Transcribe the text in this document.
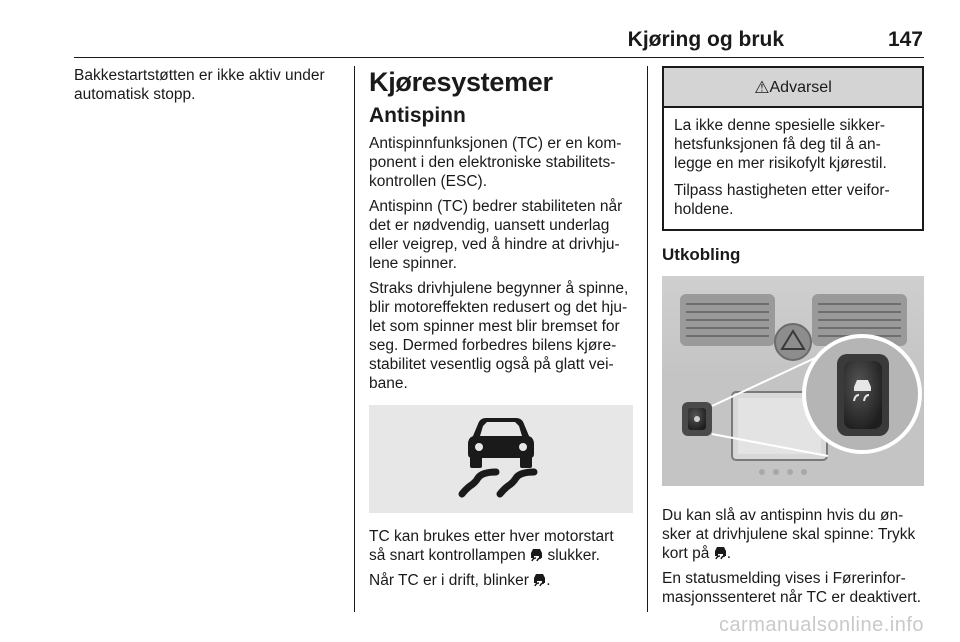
Kjøring og bruk	147

Bakkestartstøtten er ikke aktiv under automatisk stopp.	Kjøresystemer
Antispinn

Antispinnfunksjonen (TC) er en kom-ponent i den elektroniske stabilitets-kontrollen (ESC).

Antispinn (TC) bedrer stabiliteten når det er nødvendig, uansett underlag eller veigrep, ved å hindre at drivhju-lene spinner.

Straks drivhjulene begynner å spinne, blir motoreffekten redusert og det hju-let som spinner mest blir bremset for seg. Dermed forbedres bilens kjøre-stabilitet vesentlig også på glatt vei-bane.

TC kan brukes etter hver motorstart så snart kontrollampen slukker.

Når TC er i drift, blinker .

⚠ Advarsel

La ikke denne spesielle sikker-hetsfunksjonen få deg til å an-legge en mer risikofylt kjørestil.

Tilpass hastigheten etter veifor-holdene.

Utkobling

Du kan slå av antispinn hvis du øn-sker at drivhjulene skal spinne: Trykk kort på .

En statusmelding vises i Førerinfor-masjonssenteret når TC er deaktivert.

carmanualsonline.info
